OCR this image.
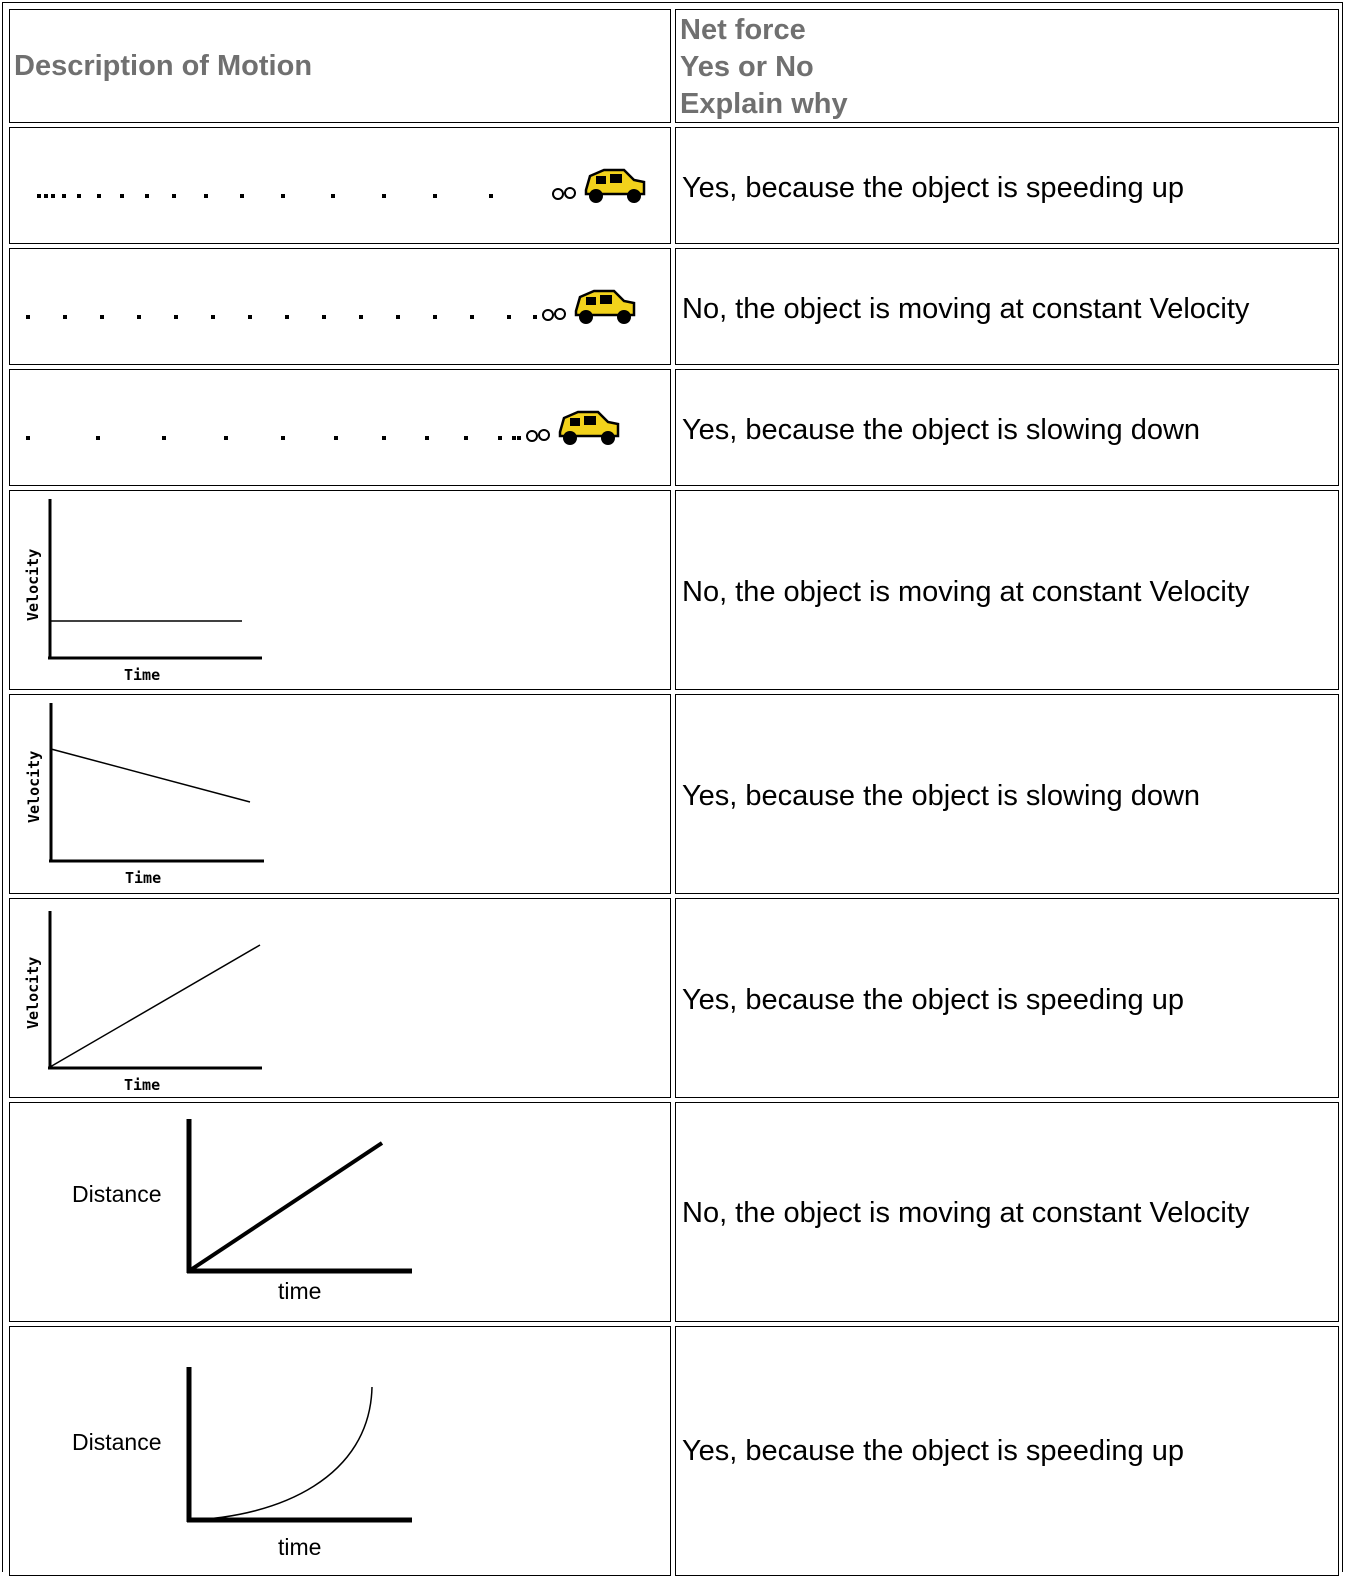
Description of Motion
Net force
Yes or No
Explain why
Yes, because the object is speeding up
No, the object is moving at constant Velocity
Yes, because the object is slowing down
Velocity
Time
No, the object is moving at constant Velocity
Velocity
Time
Yes, because the object is slowing down
Velocity
Time
Yes, because the object is speeding up
Distance
time
No, the object is moving at constant Velocity
Distance
time
Yes, because the object is speeding up
